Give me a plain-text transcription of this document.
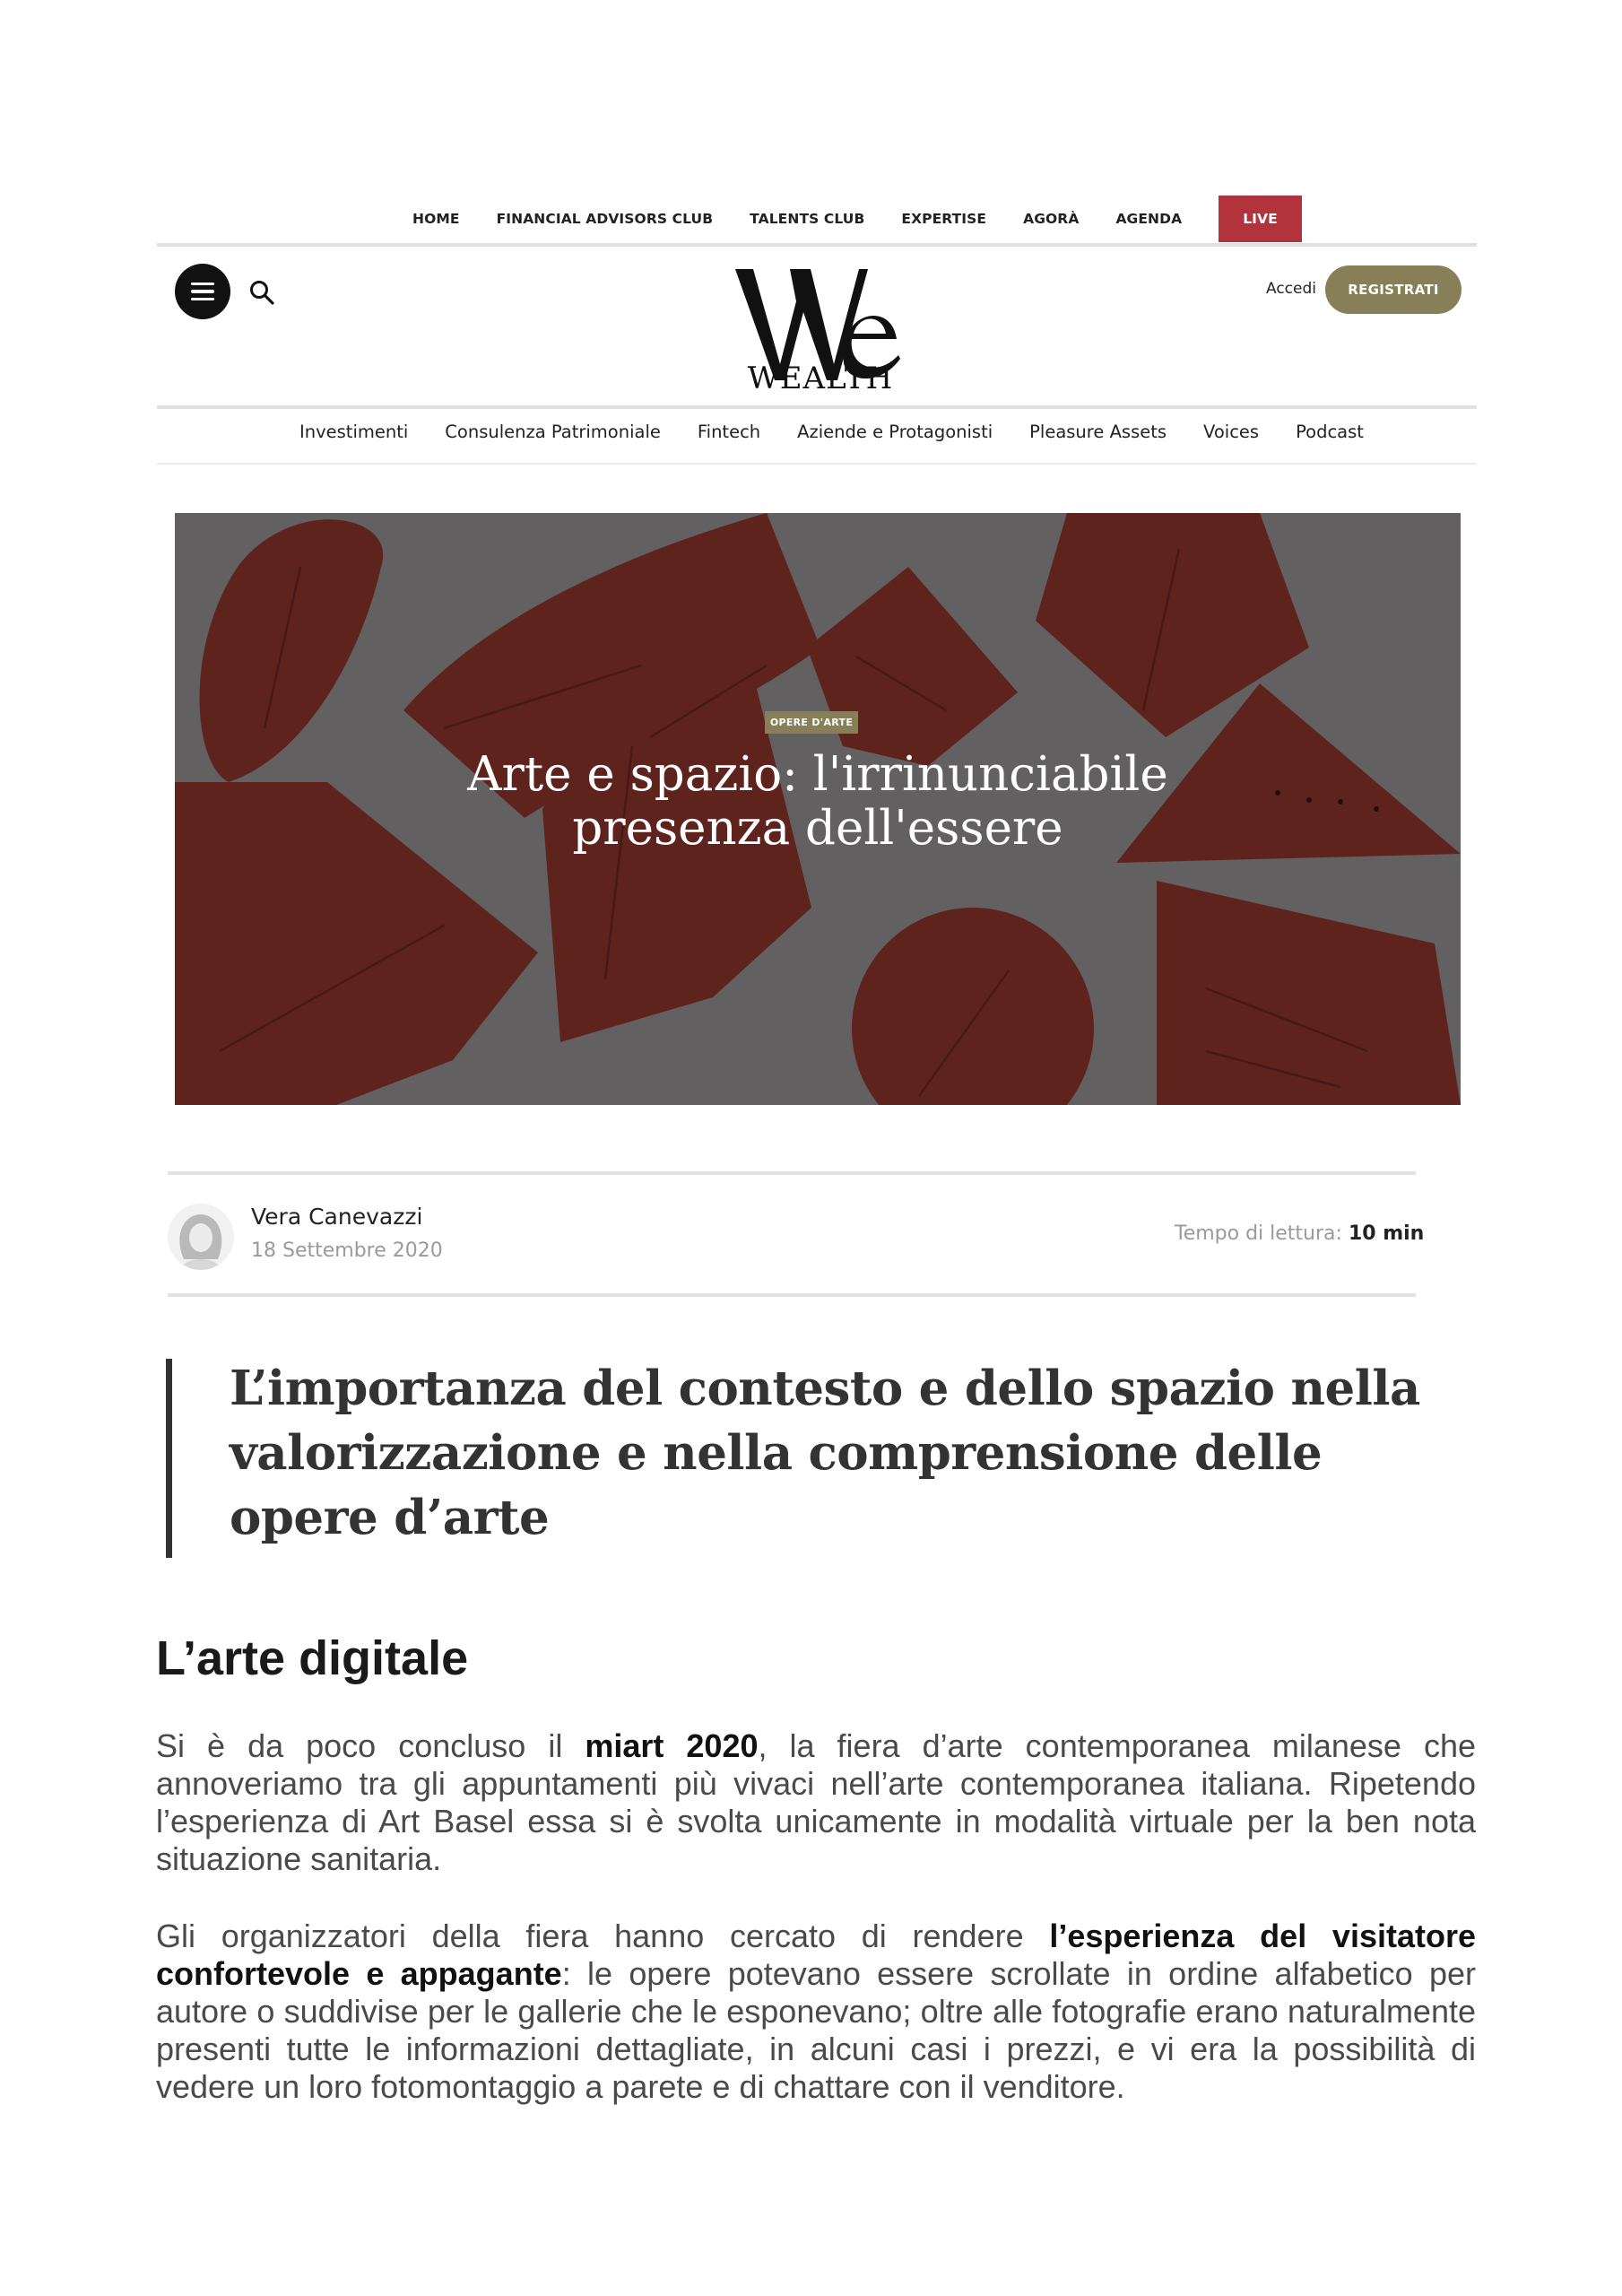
HOME	FINANCIAL ADVISORS CLUB	TALENTS CLUB	EXPERTISE	AGORÀ	AGENDA	LIVE
WEALTH
Accedi	REGISTRATI
Investimenti Consulenza Patrimoniale Fintech Aziende e Protagonisti Pleasure Assets Voices Podcast
OPERE D'ARTE
Arte e spazio: l'irrinunciabile presenza dell'essere
Vera Canevazzi
18 Settembre 2020
Tempo di lettura: 10 min
L’importanza del contesto e dello spazio nella valorizzazione e nella comprensione delle opere d’arte
L’arte digitale

Si è da poco concluso il miart 2020, la fiera d’arte contemporanea milanese che annoveriamo tra gli appuntamenti più vivaci nell’arte contemporanea italiana. Ripetendo l’esperienza di Art Basel essa si è svolta unicamente in modalità virtuale per la ben nota situazione sanitaria.

Gli organizzatori della fiera hanno cercato di rendere l’esperienza del visitatore confortevole e appagante: le opere potevano essere scrollate in ordine alfabetico per autore o suddivise per le gallerie che le esponevano; oltre alle fotografie erano naturalmente presenti tutte le informazioni dettagliate, in alcuni casi i prezzi, e vi era la possibilità di vedere un loro fotomontaggio a parete e di chattare con il venditore.
